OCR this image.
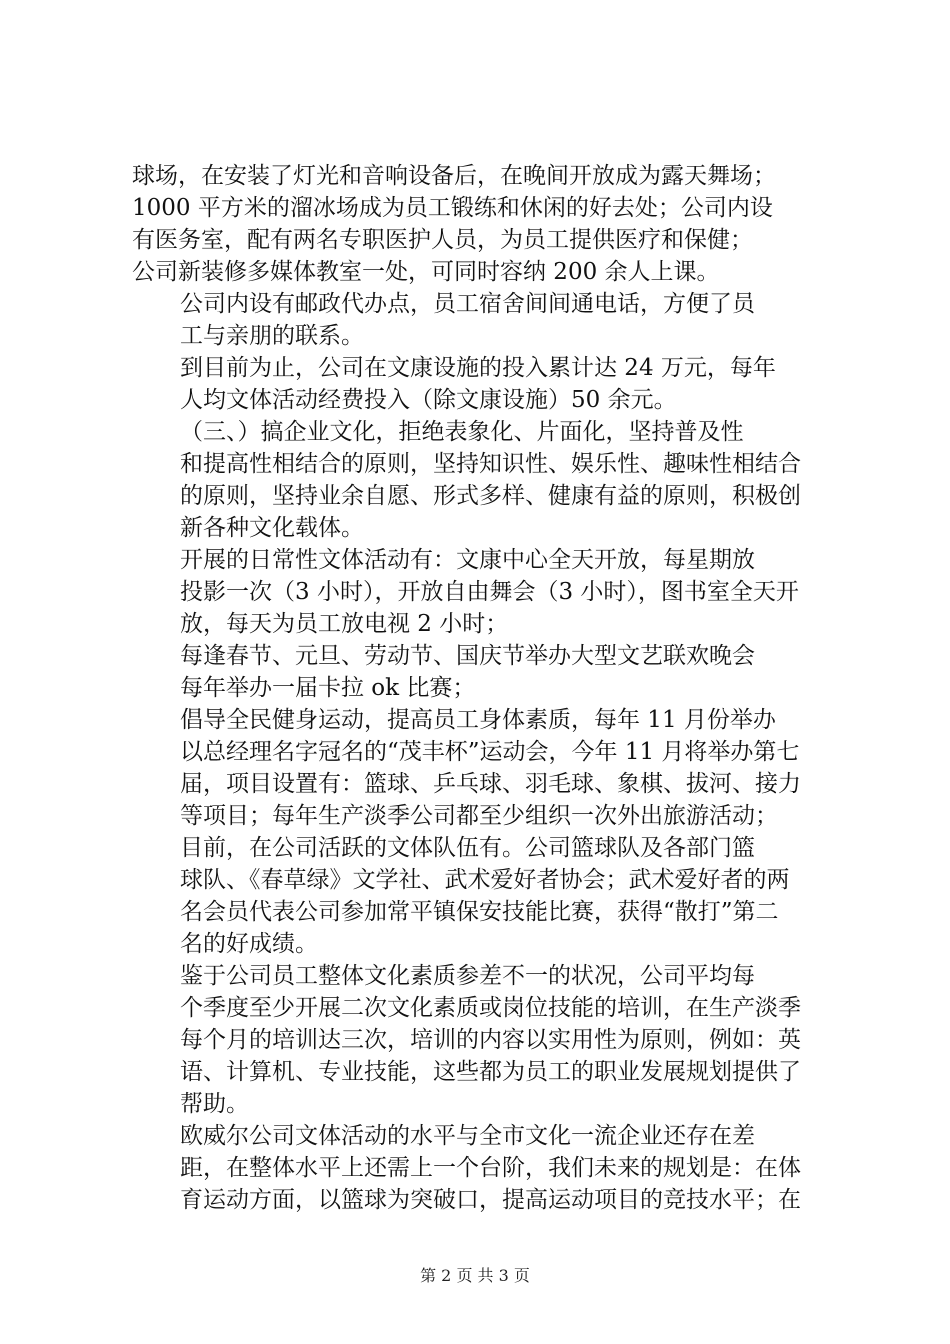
球场，在安装了灯光和音响设备后，在晚间开放成为露天舞场；
1000 平方米的溜冰场成为员工锻练和休闲的好去处；公司内设
有医务室，配有两名专职医护人员，为员工提供医疗和保健；
公司新装修多媒体教室一处，可同时容纳 200 余人上课。

公司内设有邮政代办点，员工宿舍间间通电话，方便了员
工与亲朋的联系。

到目前为止，公司在文康设施的投入累计达 24 万元，每年
人均文体活动经费投入（除文康设施）50 余元。

（三、）搞企业文化，拒绝表象化、片面化，坚持普及性
和提高性相结合的原则，坚持知识性、娱乐性、趣味性相结合
的原则，坚持业余自愿、形式多样、健康有益的原则，积极创
新各种文化载体。

开展的日常性文体活动有：文康中心全天开放，每星期放
投影一次（3 小时），开放自由舞会（3 小时），图书室全天开
放，每天为员工放电视 2 小时；

每逢春节、元旦、劳动节、国庆节举办大型文艺联欢晚会
每年举办一届卡拉 ok 比赛；

倡导全民健身运动，提高员工身体素质，每年 11 月份举办
以总经理名字冠名的“茂丰杯”运动会，今年 11 月将举办第七
届，项目设置有：篮球、乒乓球、羽毛球、象棋、拔河、接力
等项目；每年生产淡季公司都至少组织一次外出旅游活动；

目前，在公司活跃的文体队伍有。公司篮球队及各部门篮
球队、《春草绿》文学社、武术爱好者协会；武术爱好者的两
名会员代表公司参加常平镇保安技能比赛，获得“散打”第二
名的好成绩。

鉴于公司员工整体文化素质参差不一的状况，公司平均每
个季度至少开展二次文化素质或岗位技能的培训，在生产淡季
每个月的培训达三次，培训的内容以实用性为原则，例如：英
语、计算机、专业技能，这些都为员工的职业发展规划提供了
帮助。

欧威尔公司文体活动的水平与全市文化一流企业还存在差
距，在整体水平上还需上一个台阶，我们未来的规划是：在体
育运动方面，以篮球为突破口，提高运动项目的竞技水平；在

第 2 页 共 3 页
